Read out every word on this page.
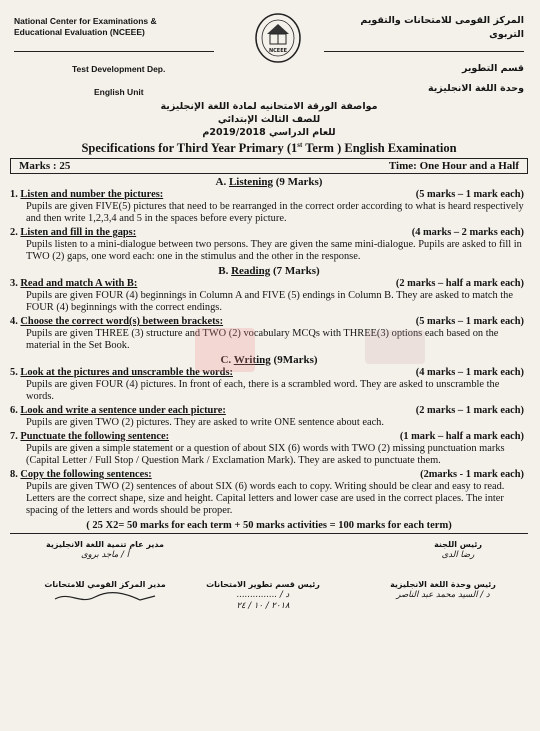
National Center for Examinations &
Educational Evaluation (NCEEE)
Test Development Dep.
English Unit
NCEEE
المركز القومى للامتحانات والتقويم
التربوى
قسم التطوير
وحدة اللغة الانجليزية
مواصفة الورقة الامتحانيه لمادة اللغة الإنجليزية
للصف الثالث الإبتدائي
للعام الدراسي 2019/2018م
Specifications for Third Year Primary (1st Term ) English Examination
Marks : 25	Time: One Hour and a Half
A. Listening (9 Marks)
1. Listen and number the pictures:	(5 marks – 1 mark each)
Pupils are given FIVE(5) pictures that need to be rearranged in the correct order according to what is heard respectively and then write 1,2,3,4 and 5 in the spaces before every picture.
2. Listen and fill in the gaps:	(4 marks – 2 marks each)
Pupils listen to a mini-dialogue between two persons. They are given the same mini-dialogue. Pupils are asked to fill in TWO (2) gaps, one word each: one in the stimulus and the other in the response.
B. Reading (7 Marks)
3. Read and match A with B:	(2 marks – half a mark each)
Pupils are given FOUR (4) beginnings in Column A and FIVE (5) endings in Column B. They are asked to match the FOUR (4) beginnings with the correct endings.
4. Choose the correct word(s) between brackets:	(5 marks – 1 mark each)
Pupils are given THREE (3) structure and TWO (2) vocabulary MCQs with THREE(3) options each based on the material in the Set Book.
C. Writing (9Marks)
5. Look at the pictures and unscramble the words:	(4 marks – 1 mark each)
Pupils are given FOUR (4) pictures. In front of each, there is a scrambled word. They are asked to unscramble the words.
6. Look and write a sentence under each picture:	(2 marks – 1 mark each)
Pupils are given TWO (2) pictures. They are asked to write ONE sentence about each.
7. Punctuate the following sentence:	(1 mark – half a mark each)
Pupils are given a simple statement or a question of about SIX (6) words with TWO (2) missing punctuation marks (Capital Letter / Full Stop / Question Mark / Exclamation Mark). They are asked to punctuate them.
8. Copy the following sentences:	(2marks - 1 mark each)
Pupils are given TWO (2) sentences of about SIX (6) words each to copy. Writing should be clear and easy to read. Letters are the correct shape, size and height. Capital letters and lower case are used in the correct places. The inter spacing of the letters and words should be proper.
( 25 X2= 50 marks for each term + 50 marks activities = 100 marks for each term)
رئيس اللجنة
رضا الدى
مدير عام تنمية اللغة الانجليزية
أ / ماجد بروى
رئيس وحدة اللغة الانجليزية
د / السيد محمد عبد الناصر
رئيس قسم تطوير الامتحانات
د / ...............
٢٠١٨ / ١٠ / ٢٤
مدير المركز القومي للامتحانات
